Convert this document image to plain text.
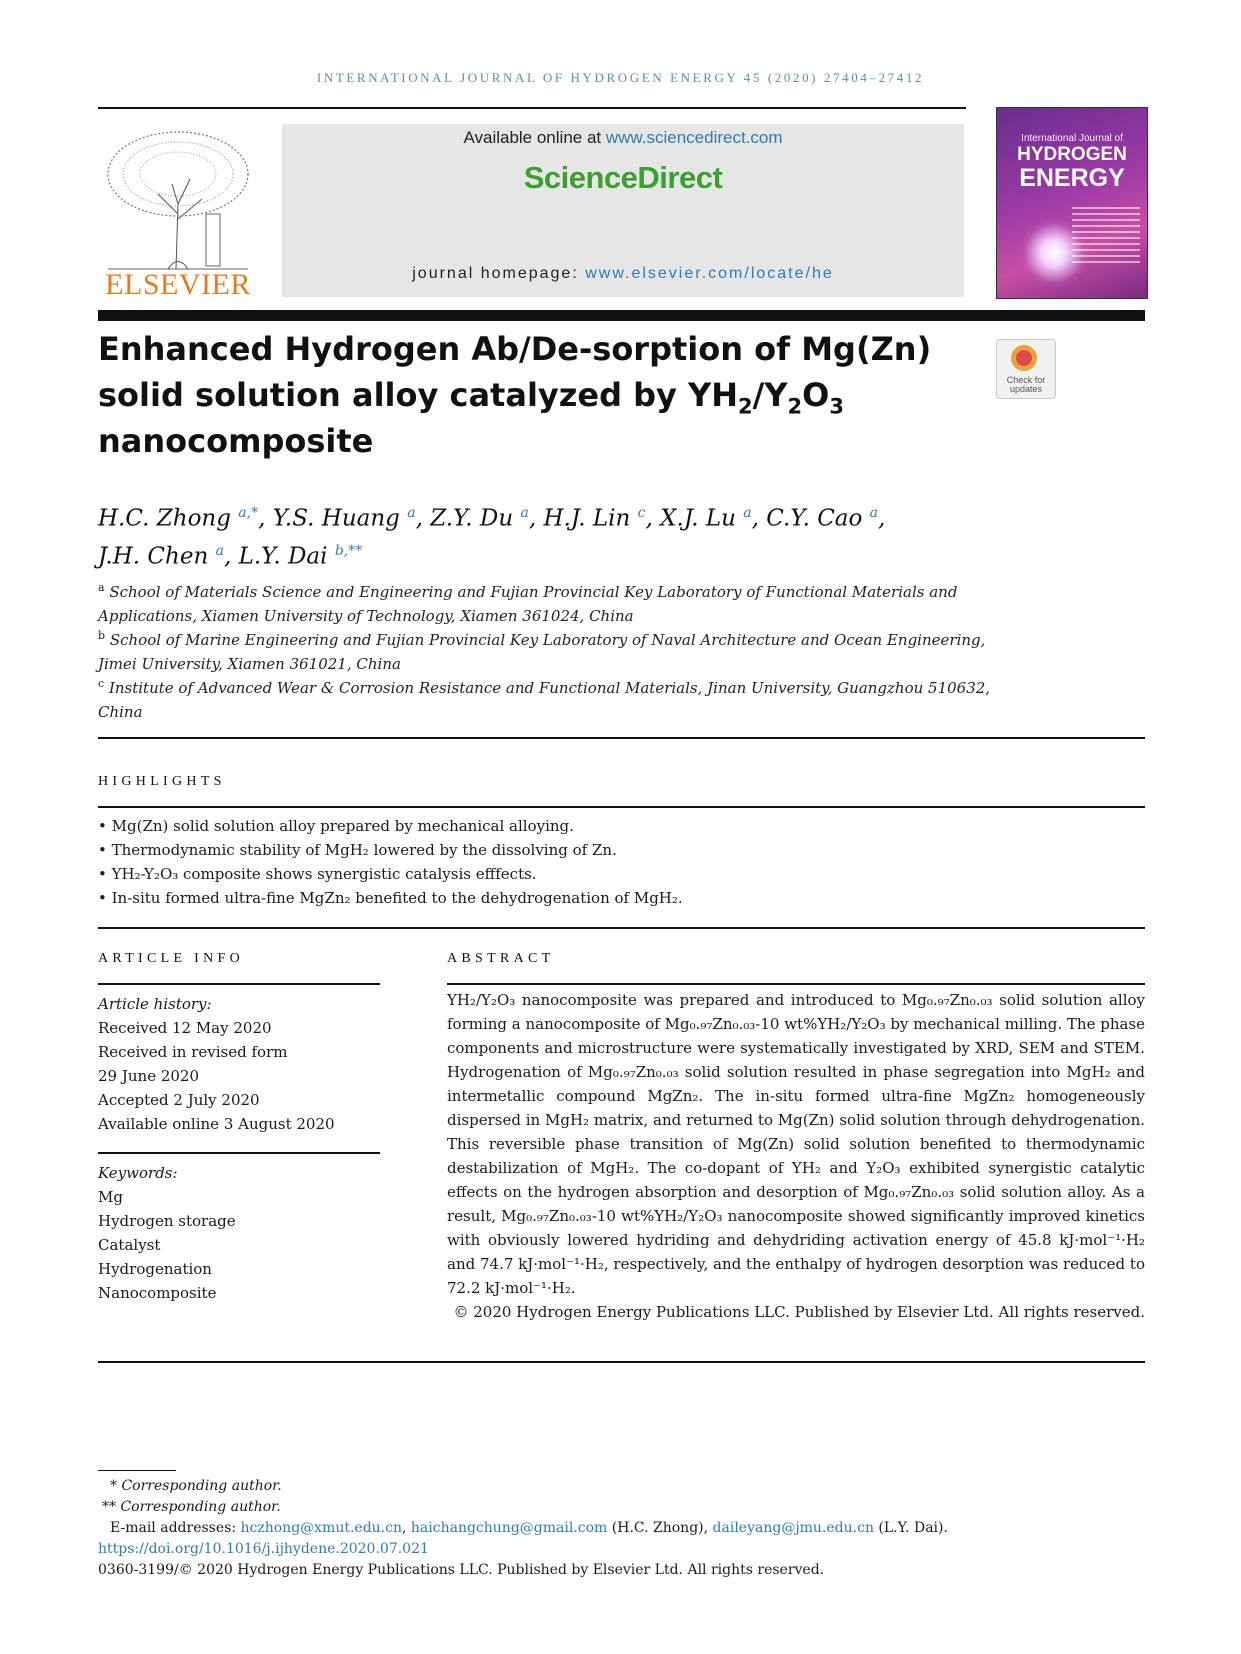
INTERNATIONAL JOURNAL OF HYDROGEN ENERGY 45 (2020) 27404–27412
ELSEVIER
Available online at www.sciencedirect.com
ScienceDirect
journal homepage: www.elsevier.com/locate/he
International Journal of
HYDROGEN
ENERGY
Enhanced Hydrogen Ab/De-sorption of Mg(Zn) solid solution alloy catalyzed by $YH_2/Y_2O_3$
nanocomposite
Check for updates
H.C. Zhong $^{a,*}$, Y.S. Huang $^a$, Z.Y. Du $^a$, H.J. Lin $^c$, X.J. Lu $^a$, C.Y. Cao $^a$,
J.H. Chen $^a$, L.Y. Dai $^{b,**}$
$^a$ School of Materials Science and Engineering and Fujian Provincial Key Laboratory of Functional Materials and Applications, Xiamen University of Technology, Xiamen 361024, China
$^b$ School of Marine Engineering and Fujian Provincial Key Laboratory of Naval Architecture and Ocean Engineering, Jimei University, Xiamen 361021, China
$^c$ Institute of Advanced Wear & Corrosion Resistance and Functional Materials, Jinan University, Guangzhou 510632, China
HIGHLIGHTS
• Mg(Zn) solid solution alloy prepared by mechanical alloying.
• Thermodynamic stability of MgH₂ lowered by the dissolving of Zn.
• YH₂-Y₂O₃ composite shows synergistic catalysis efffects.
• In-situ formed ultra-fine MgZn₂ benefited to the dehydrogenation of MgH₂.
ARTICLE INFO
Article history:
Received 12 May 2020
Received in revised form
29 June 2020
Accepted 2 July 2020
Available online 3 August 2020
Keywords:
Mg
Hydrogen storage
Catalyst
Hydrogenation
Nanocomposite
ABSTRACT
YH₂/Y₂O₃ nanocomposite was prepared and introduced to Mg₀.₉₇Zn₀.₀₃ solid solution alloy forming a nanocomposite of Mg₀.₉₇Zn₀.₀₃-10 wt%YH₂/Y₂O₃ by mechanical milling. The phase components and microstructure were systematically investigated by XRD, SEM and STEM. Hydrogenation of Mg₀.₉₇Zn₀.₀₃ solid solution resulted in phase segregation into MgH₂ and intermetallic compound MgZn₂. The in-situ formed ultra-fine MgZn₂ homogeneously dispersed in MgH₂ matrix, and returned to Mg(Zn) solid solution through dehydrogenation. This reversible phase transition of Mg(Zn) solid solution benefited to thermodynamic destabilization of MgH₂. The co-dopant of YH₂ and Y₂O₃ exhibited synergistic catalytic effects on the hydrogen absorption and desorption of Mg₀.₉₇Zn₀.₀₃ solid solution alloy. As a result, Mg₀.₉₇Zn₀.₀₃-10 wt%YH₂/Y₂O₃ nanocomposite showed significantly improved kinetics with obviously lowered hydriding and dehydriding activation energy of 45.8 kJ·mol⁻¹·H₂ and 74.7 kJ·mol⁻¹·H₂, respectively, and the enthalpy of hydrogen desorption was reduced to 72.2 kJ·mol⁻¹·H₂.
© 2020 Hydrogen Energy Publications LLC. Published by Elsevier Ltd. All rights reserved.
* Corresponding author.
** Corresponding author.
E-mail addresses: hczhong@xmut.edu.cn, haichangchung@gmail.com (H.C. Zhong), daileyang@jmu.edu.cn (L.Y. Dai).
https://doi.org/10.1016/j.ijhydene.2020.07.021
0360-3199/© 2020 Hydrogen Energy Publications LLC. Published by Elsevier Ltd. All rights reserved.
